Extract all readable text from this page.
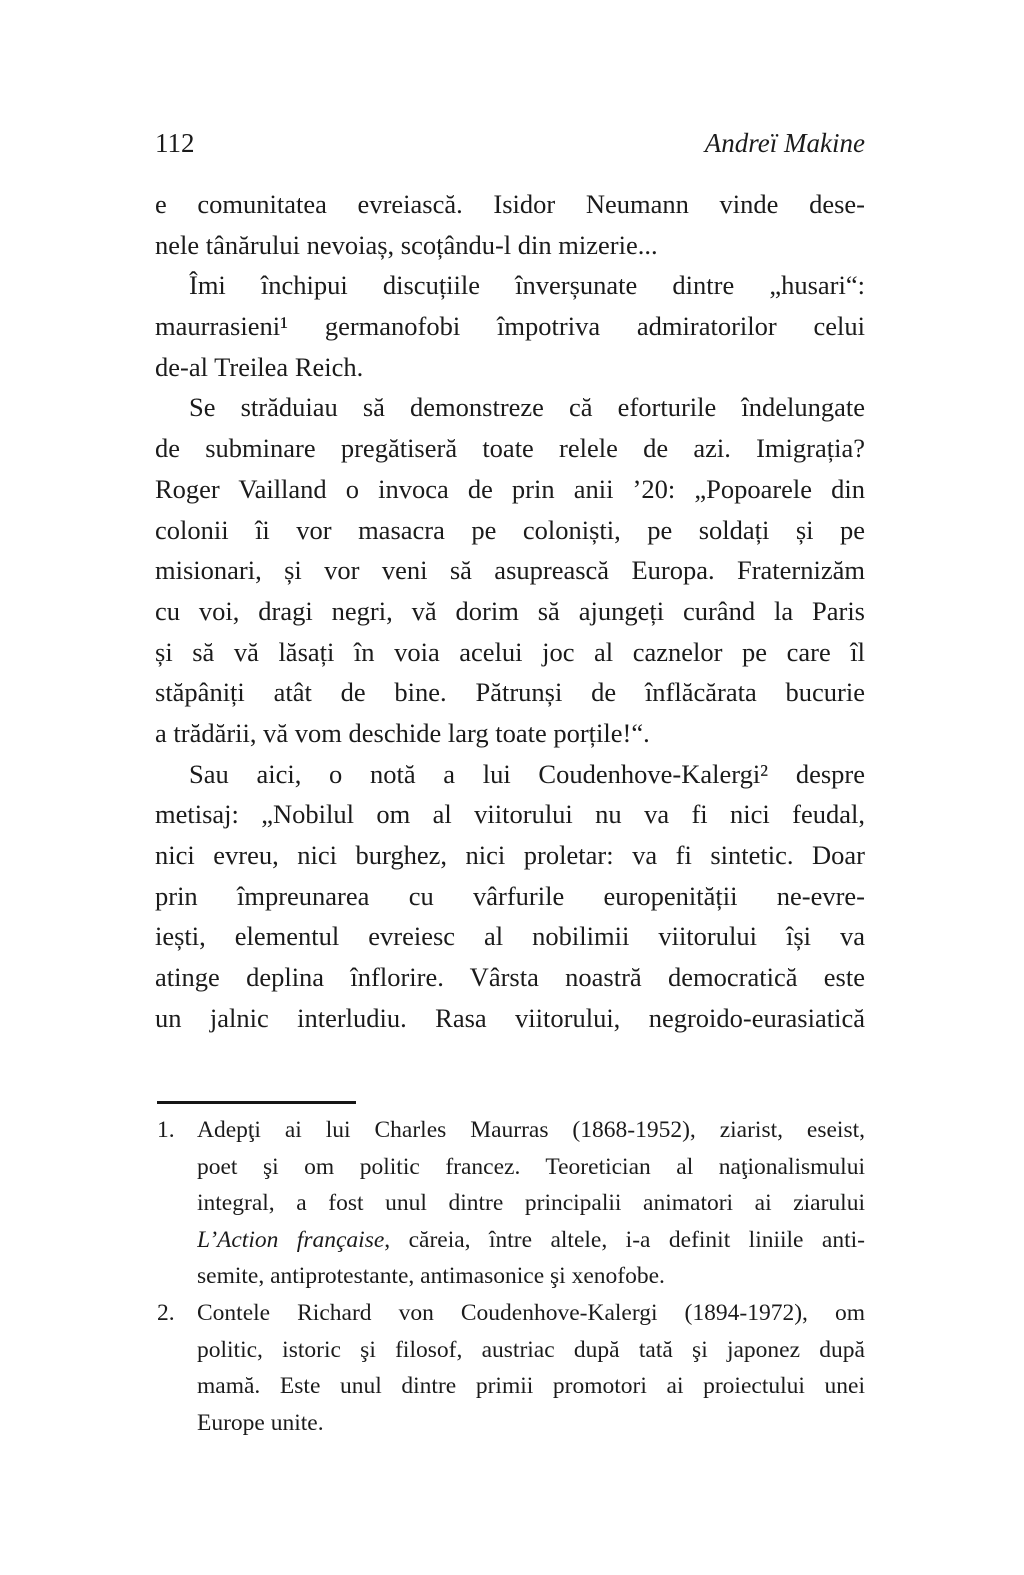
112	Andreï Makine
e comunitatea evreiască. Isidor Neumann vinde dese-
nele tânărului nevoiaș, scoțându-l din mizerie...
Îmi închipui discuțiile înverșunate dintre „husari“:
maurrasieni¹ germanofobi împotriva admiratorilor celui
de-al Treilea Reich.
Se străduiau să demonstreze că eforturile îndelungate
de subminare pregătiseră toate relele de azi. Imigrația?
Roger Vailland o invoca de prin anii ’20: „Popoarele din
colonii îi vor masacra pe coloniști, pe soldați și pe
misionari, și vor veni să asuprească Europa. Fraternizăm
cu voi, dragi negri, vă dorim să ajungeți curând la Paris
și să vă lăsați în voia acelui joc al caznelor pe care îl
stăpâniți atât de bine. Pătrunși de înflăcărata bucurie
a trădării, vă vom deschide larg toate porțile!“.
Sau aici, o notă a lui Coudenhove-Kalergi² despre
metisaj: „Nobilul om al viitorului nu va fi nici feudal,
nici evreu, nici burghez, nici proletar: va fi sintetic. Doar
prin împreunarea cu vârfurile europenității ne-evre-
iești, elementul evreiesc al nobilimii viitorului își va
atinge deplina înflorire. Vârsta noastră democratică este
un jalnic interludiu. Rasa viitorului, negroido-eurasiatică
1. Adepţi ai lui Charles Maurras (1868-1952), ziarist, eseist,
poet şi om politic francez. Teoretician al naţionalismului
integral, a fost unul dintre principalii animatori ai ziarului
L’Action française, căreia, între altele, i-a definit liniile anti-
semite, antiprotestante, antimasonice şi xenofobe.
2. Contele Richard von Coudenhove-Kalergi (1894-1972), om
politic, istoric şi filosof, austriac după tată şi japonez după
mamă. Este unul dintre primii promotori ai proiectului unei
Europe unite.
